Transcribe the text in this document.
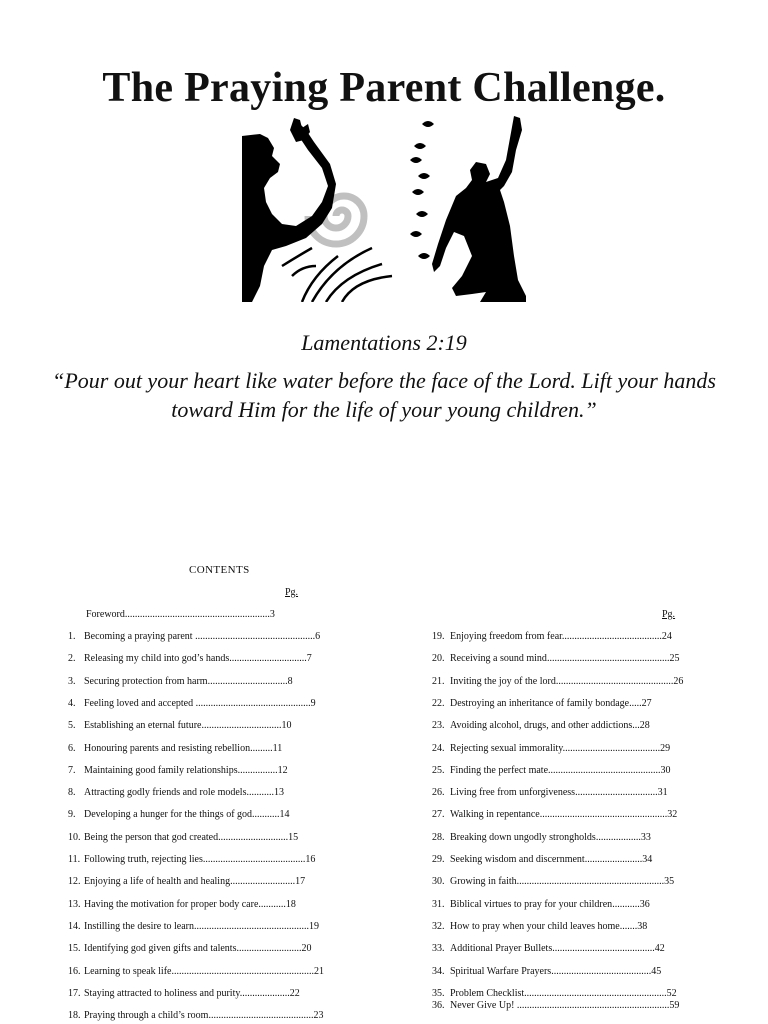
The Praying Parent Challenge.
Lamentations 2:19
“Pour out your heart like water before the face of the Lord. Lift your hands toward Him for the life of your young children.”
CONTENTS
Pg.
Pg.
Foreword..........................................................3
1. Becoming a praying parent ................................................6
2. Releasing my child into god’s hands...............................7
3. Securing protection from harm................................8
4. Feeling loved and accepted ..............................................9
5. Establishing an eternal future................................10
6. Honouring parents and resisting rebellion.........11
7. Maintaining good family relationships................12
8. Attracting godly friends and role models...........13
9. Developing a hunger for the things of god...........14
10. Being the person that god created............................15
11. Following truth, rejecting lies.........................................16
12. Enjoying a life of health and healing..........................17
13. Having the motivation for proper body care...........18
14. Instilling the desire to learn..............................................19
15. Identifying god given gifts and talents..........................20
16. Learning to speak life.........................................................21
17. Staying attracted to holiness and purity....................22
18. Praying through a child’s room..........................................23
19. Enjoying freedom from fear........................................24
20. Receiving a sound mind.................................................25
21. Inviting the joy of the lord...............................................26
22. Destroying an inheritance of family bondage.....27
23. Avoiding alcohol, drugs, and other addictions...28
24. Rejecting sexual immorality.......................................29
25. Finding the perfect mate.............................................30
26. Living free from unforgiveness.................................31
27. Walking in repentance...................................................32
28. Breaking down ungodly strongholds..................33
29. Seeking wisdom and discernment.......................34
30. Growing in faith...........................................................35
31. Biblical virtues to pray for your children...........36
32. How to pray when your child leaves home.......38
33. Additional Prayer Bullets.........................................42
34. Spiritual Warfare Prayers........................................45
35. Problem Checklist.........................................................52
36. Never Give Up! .............................................................59
